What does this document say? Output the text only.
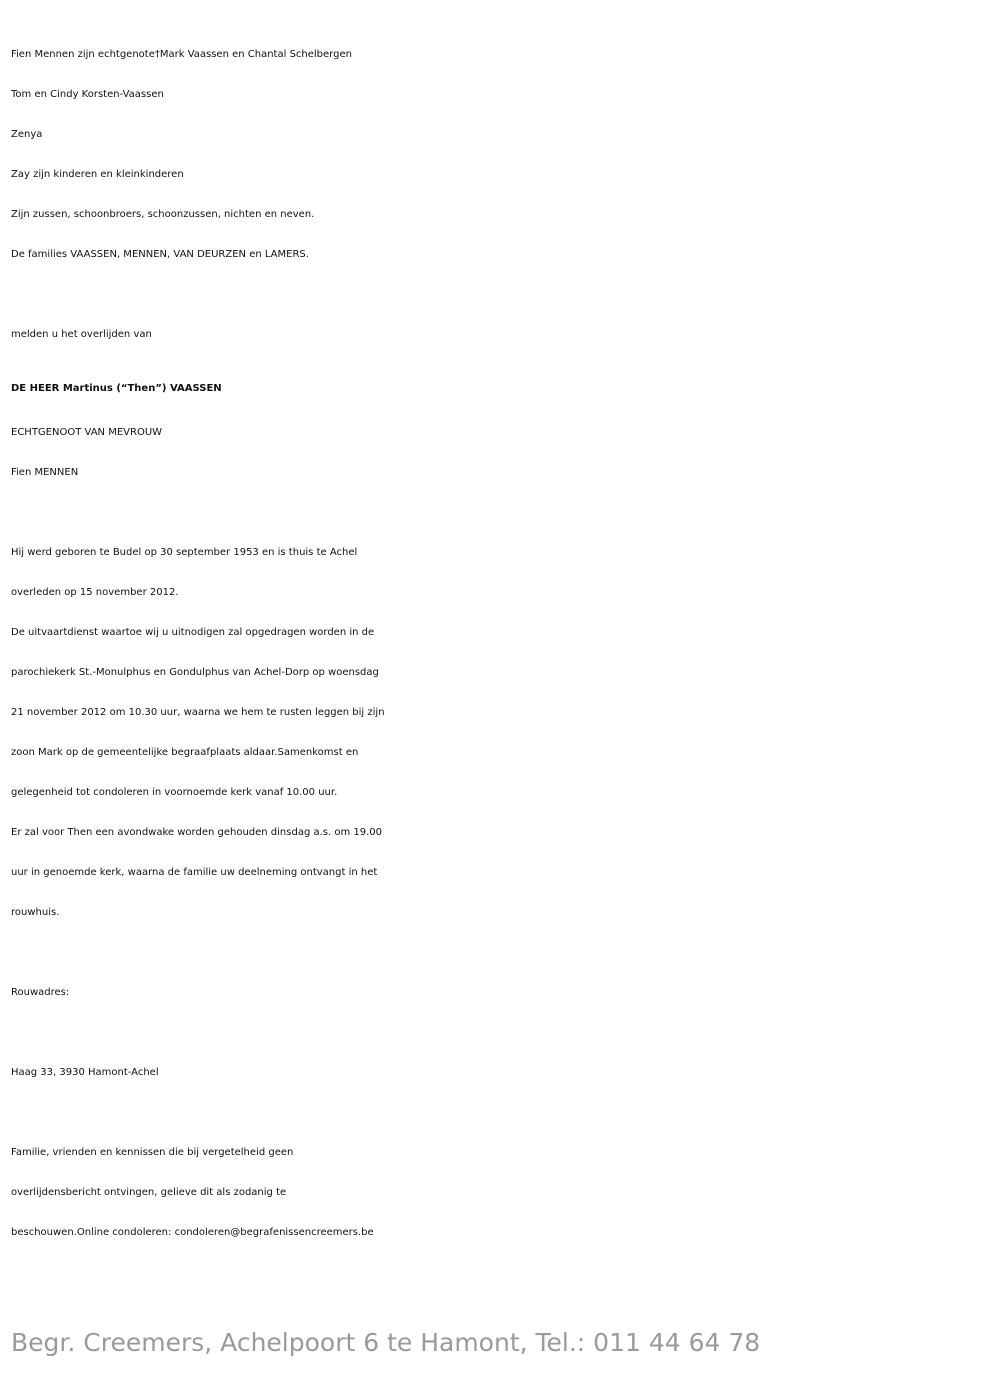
Fien Mennen zijn echtgenote†Mark Vaassen en Chantal Schelbergen
Tom en Cindy Korsten-Vaassen
Zenya
Zay zijn kinderen en kleinkinderen
Zijn zussen, schoonbroers, schoonzussen, nichten en neven.
De families VAASSEN, MENNEN, VAN DEURZEN en LAMERS.
melden u het overlijden van
DE HEER Martinus (“Then”) VAASSEN
ECHTGENOOT VAN MEVROUW
Fien MENNEN
Hij werd geboren te Budel op 30 september 1953 en is thuis te Achel
overleden op 15 november 2012.
De uitvaartdienst waartoe wij u uitnodigen zal opgedragen worden in de
parochiekerk St.-Monulphus en Gondulphus van Achel-Dorp op woensdag
21 november 2012 om 10.30 uur, waarna we hem te rusten leggen bij zijn
zoon Mark op de gemeentelijke begraafplaats aldaar.Samenkomst en
gelegenheid tot condoleren in voornoemde kerk vanaf 10.00 uur.
Er zal voor Then een avondwake worden gehouden dinsdag a.s. om 19.00
uur in genoemde kerk, waarna de familie uw deelneming ontvangt in het
rouwhuis.
Rouwadres:
Haag 33, 3930 Hamont-Achel
Familie, vrienden en kennissen die bij vergetelheid geen
overlijdensbericht ontvingen, gelieve dit als zodanig te
beschouwen.Online condoleren: condoleren@begrafenissencreemers.be
Begr. Creemers, Achelpoort 6 te Hamont, Tel.: 011 44 64 78
